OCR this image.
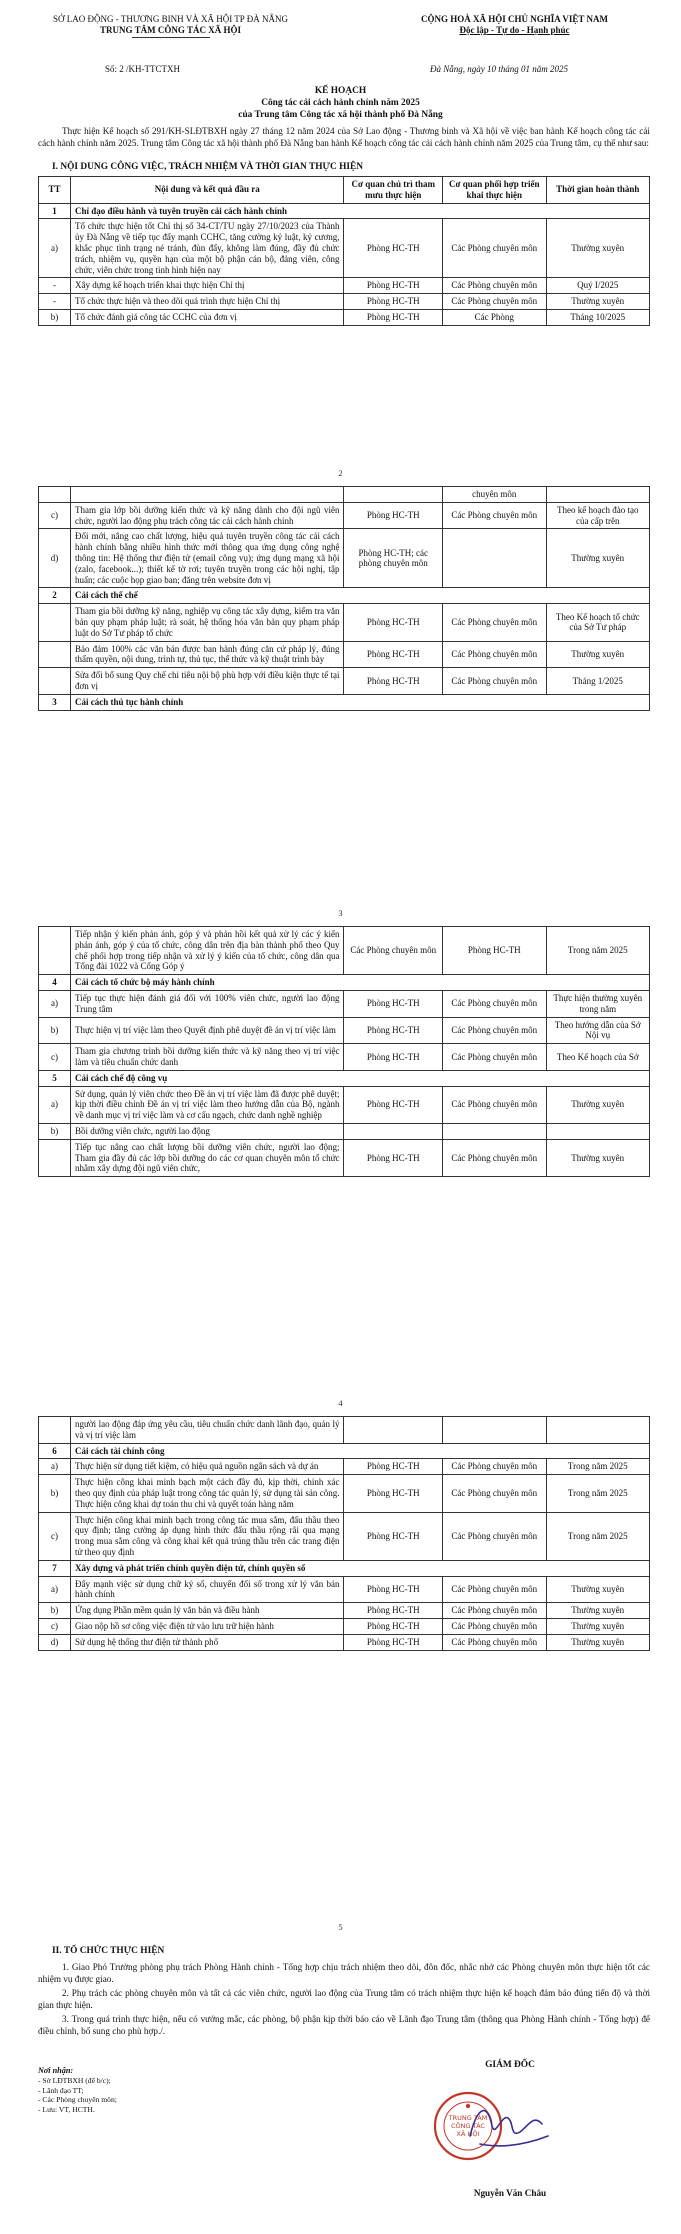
SỞ LAO ĐỘNG - THƯƠNG BINH VÀ XÃ HỘI TP ĐÀ NẴNG
TRUNG TÂM CÔNG TÁC XÃ HỘI
CỘNG HOÀ XÃ HỘI CHỦ NGHĨA VIỆT NAM
Độc lập - Tự do - Hạnh phúc
Số: 2 /KH-TTCTXH	Đà Nẵng, ngày 10 tháng 01 năm 2025
KẾ HOẠCH
Công tác cải cách hành chính năm 2025
của Trung tâm Công tác xã hội thành phố Đà Nẵng
Thực hiện Kế hoạch số 291/KH-SLĐTBXH ngày 27 tháng 12 năm 2024 của Sở Lao động - Thương binh và Xã hội về việc ban hành Kế hoạch công tác cải cách hành chính năm 2025. Trung tâm Công tác xã hội thành phố Đà Nẵng ban hành Kế hoạch công tác cải cách hành chính năm 2025 của Trung tâm, cụ thể như sau:
I. NỘI DUNG CÔNG VIỆC, TRÁCH NHIỆM VÀ THỜI GIAN THỰC HIỆN
TT	Nội dung và kết quả đầu ra	Cơ quan chủ trì tham mưu thực hiện	Cơ quan phối hợp triển khai thực hiện	Thời gian hoàn thành
1	Chỉ đạo điều hành và tuyên truyền cải cách hành chính			
a)	Tổ chức thực hiện tốt Chỉ thị số 34-CT/TU ngày 27/10/2023 của Thành ủy Đà Nẵng về tiếp tục đẩy mạnh CCHC, tăng cường kỷ luật, kỷ cương, khắc phục tình trạng né tránh, đùn đẩy, không làm đúng, đầy đủ chức trách, nhiệm vụ, quyền hạn của một bộ phận cán bộ, đảng viên, công chức, viên chức trong tình hình hiện nay	Phòng HC-TH	Các Phòng chuyên môn	Thường xuyên
-	Xây dựng kế hoạch triển khai thực hiện Chỉ thị	Phòng HC-TH	Các Phòng chuyên môn	Quý I/2025
-	Tổ chức thực hiện và theo dõi quá trình thực hiện Chỉ thị	Phòng HC-TH	Các Phòng chuyên môn	Thường xuyên
b)	Tổ chức đánh giá công tác CCHC của đơn vị	Phòng HC-TH	Các Phòng	Tháng 10/2025
2
			chuyên môn	
c)	Tham gia lớp bồi dưỡng kiến thức và kỹ năng dành cho đội ngũ viên chức, người lao động phụ trách công tác cải cách hành chính	Phòng HC-TH	Các Phòng chuyên môn	Theo kế hoạch đào tạo của cấp trên
d)	Đổi mới, nâng cao chất lượng, hiệu quả tuyên truyền công tác cải cách hành chính bằng nhiều hình thức mới thông qua ứng dụng công nghệ thông tin: Hệ thống thư điện tử (email công vụ); ứng dụng mạng xã hội (zalo, facebook...); thiết kế tờ rơi; tuyên truyền trong các hội nghị, tập huấn; các cuộc họp giao ban; đăng trên website đơn vị	Phòng HC-TH; các phòng chuyên môn		Thường xuyên
2	Cải cách thể chế			
	Tham gia bồi dưỡng kỹ năng, nghiệp vụ công tác xây dựng, kiểm tra văn bản quy phạm pháp luật; rà soát, hệ thống hóa văn bản quy phạm pháp luật do Sở Tư pháp tổ chức	Phòng HC-TH	Các Phòng chuyên môn	Theo Kế hoạch tổ chức của Sở Tư pháp
	Bảo đảm 100% các văn bản được ban hành đúng căn cứ pháp lý, đúng thẩm quyền, nội dung, trình tự, thủ tục, thể thức và kỹ thuật trình bày	Phòng HC-TH	Các Phòng chuyên môn	Thường xuyên
	Sửa đổi bổ sung Quy chế chi tiêu nội bộ phù hợp với điều kiện thực tế tại đơn vị	Phòng HC-TH	Các Phòng chuyên môn	Tháng 1/2025
3	Cải cách thủ tục hành chính			
3
	Tiếp nhận ý kiến phản ánh, góp ý và phản hồi kết quả xử lý các ý kiến phản ánh, góp ý của tổ chức, công dân trên địa bàn thành phố theo Quy chế phối hợp trong tiếp nhận và xử lý ý kiến của tổ chức, công dân qua Tổng đài 1022 và Cổng Góp ý	Các Phòng chuyên môn	Phòng HC-TH	Trong năm 2025
4	Cải cách tổ chức bộ máy hành chính			
a)	Tiếp tục thực hiện đánh giá đối với 100% viên chức, người lao động Trung tâm	Phòng HC-TH	Các Phòng chuyên môn	Thực hiện thường xuyên trong năm
b)	Thực hiện vị trí việc làm theo Quyết định phê duyệt đề án vị trí việc làm	Phòng HC-TH	Các Phòng chuyên môn	Theo hướng dẫn của Sở Nội vụ
c)	Tham gia chương trình bồi dưỡng kiến thức và kỹ năng theo vị trí việc làm và tiêu chuẩn chức danh	Phòng HC-TH	Các Phòng chuyên môn	Theo Kế hoạch của Sở
5	Cải cách chế độ công vụ			
a)	Sử dụng, quản lý viên chức theo Đề án vị trí việc làm đã được phê duyệt; kịp thời điều chỉnh Đề án vị trí việc làm theo hướng dẫn của Bộ, ngành về danh mục vị trí việc làm và cơ cấu ngạch, chức danh nghề nghiệp	Phòng HC-TH	Các Phòng chuyên môn	Thường xuyên
b)	Bồi dưỡng viên chức, người lao động			
	Tiếp tục nâng cao chất lượng bồi dưỡng viên chức, người lao động; Tham gia đầy đủ các lớp bồi dưỡng do các cơ quan chuyên môn tổ chức nhằm xây dựng đội ngũ viên chức,	Phòng HC-TH	Các Phòng chuyên môn	Thường xuyên
4
	người lao động đáp ứng yêu cầu, tiêu chuẩn chức danh lãnh đạo, quản lý và vị trí việc làm			
6	Cải cách tài chính công			
a)	Thực hiện sử dụng tiết kiệm, có hiệu quả nguồn ngân sách và dự án	Phòng HC-TH	Các Phòng chuyên môn	Trong năm 2025
b)	Thực hiện công khai minh bạch một cách đầy đủ, kịp thời, chính xác theo quy định của pháp luật trong công tác quản lý, sử dụng tài sản công. Thực hiện công khai dự toán thu chi và quyết toán hàng năm	Phòng HC-TH	Các Phòng chuyên môn	Trong năm 2025
c)	Thực hiện công khai minh bạch trong công tác mua sắm, đấu thầu theo quy định; tăng cường áp dụng hình thức đấu thầu rộng rãi qua mạng trong mua sắm công và công khai kết quả trúng thầu trên các trang điện tử theo quy định	Phòng HC-TH	Các Phòng chuyên môn	Trong năm 2025
7	Xây dựng và phát triển chính quyền điện tử, chính quyền số			
a)	Đẩy mạnh việc sử dụng chữ ký số, chuyển đổi số trong xử lý văn bản hành chính	Phòng HC-TH	Các Phòng chuyên môn	Thường xuyên
b)	Ứng dụng Phần mềm quản lý văn bản và điều hành	Phòng HC-TH	Các Phòng chuyên môn	Thường xuyên
c)	Giao nộp hồ sơ công việc điện tử vào lưu trữ hiện hành	Phòng HC-TH	Các Phòng chuyên môn	Thường xuyên
d)	Sử dụng hệ thống thư điện tử thành phố	Phòng HC-TH	Các Phòng chuyên môn	Thường xuyên
5
II. TỔ CHỨC THỰC HIỆN

1. Giao Phó Trưởng phòng phụ trách Phòng Hành chính - Tổng hợp chịu trách nhiệm theo dõi, đôn đốc, nhắc nhở các Phòng chuyên môn thực hiện tốt các nhiệm vụ được giao.

2. Phụ trách các phòng chuyên môn và tất cả các viên chức, người lao động của Trung tâm có trách nhiệm thực hiện kế hoạch đảm bảo đúng tiến độ và thời gian thực hiện.

3. Trong quá trình thực hiện, nếu có vướng mắc, các phòng, bộ phận kịp thời báo cáo về Lãnh đạo Trung tâm (thông qua Phòng Hành chính - Tổng hợp) để điều chỉnh, bổ sung cho phù hợp./.

Nơi nhận:
- Sở LĐTBXH (để b/c);
- Lãnh đạo TT;
- Các Phòng chuyên môn;
- Lưu: VT, HCTH.
GIÁM ĐỐC
TRUNG TÂM
CÔNG TÁC
XÃ HỘI
Nguyễn Văn Châu
